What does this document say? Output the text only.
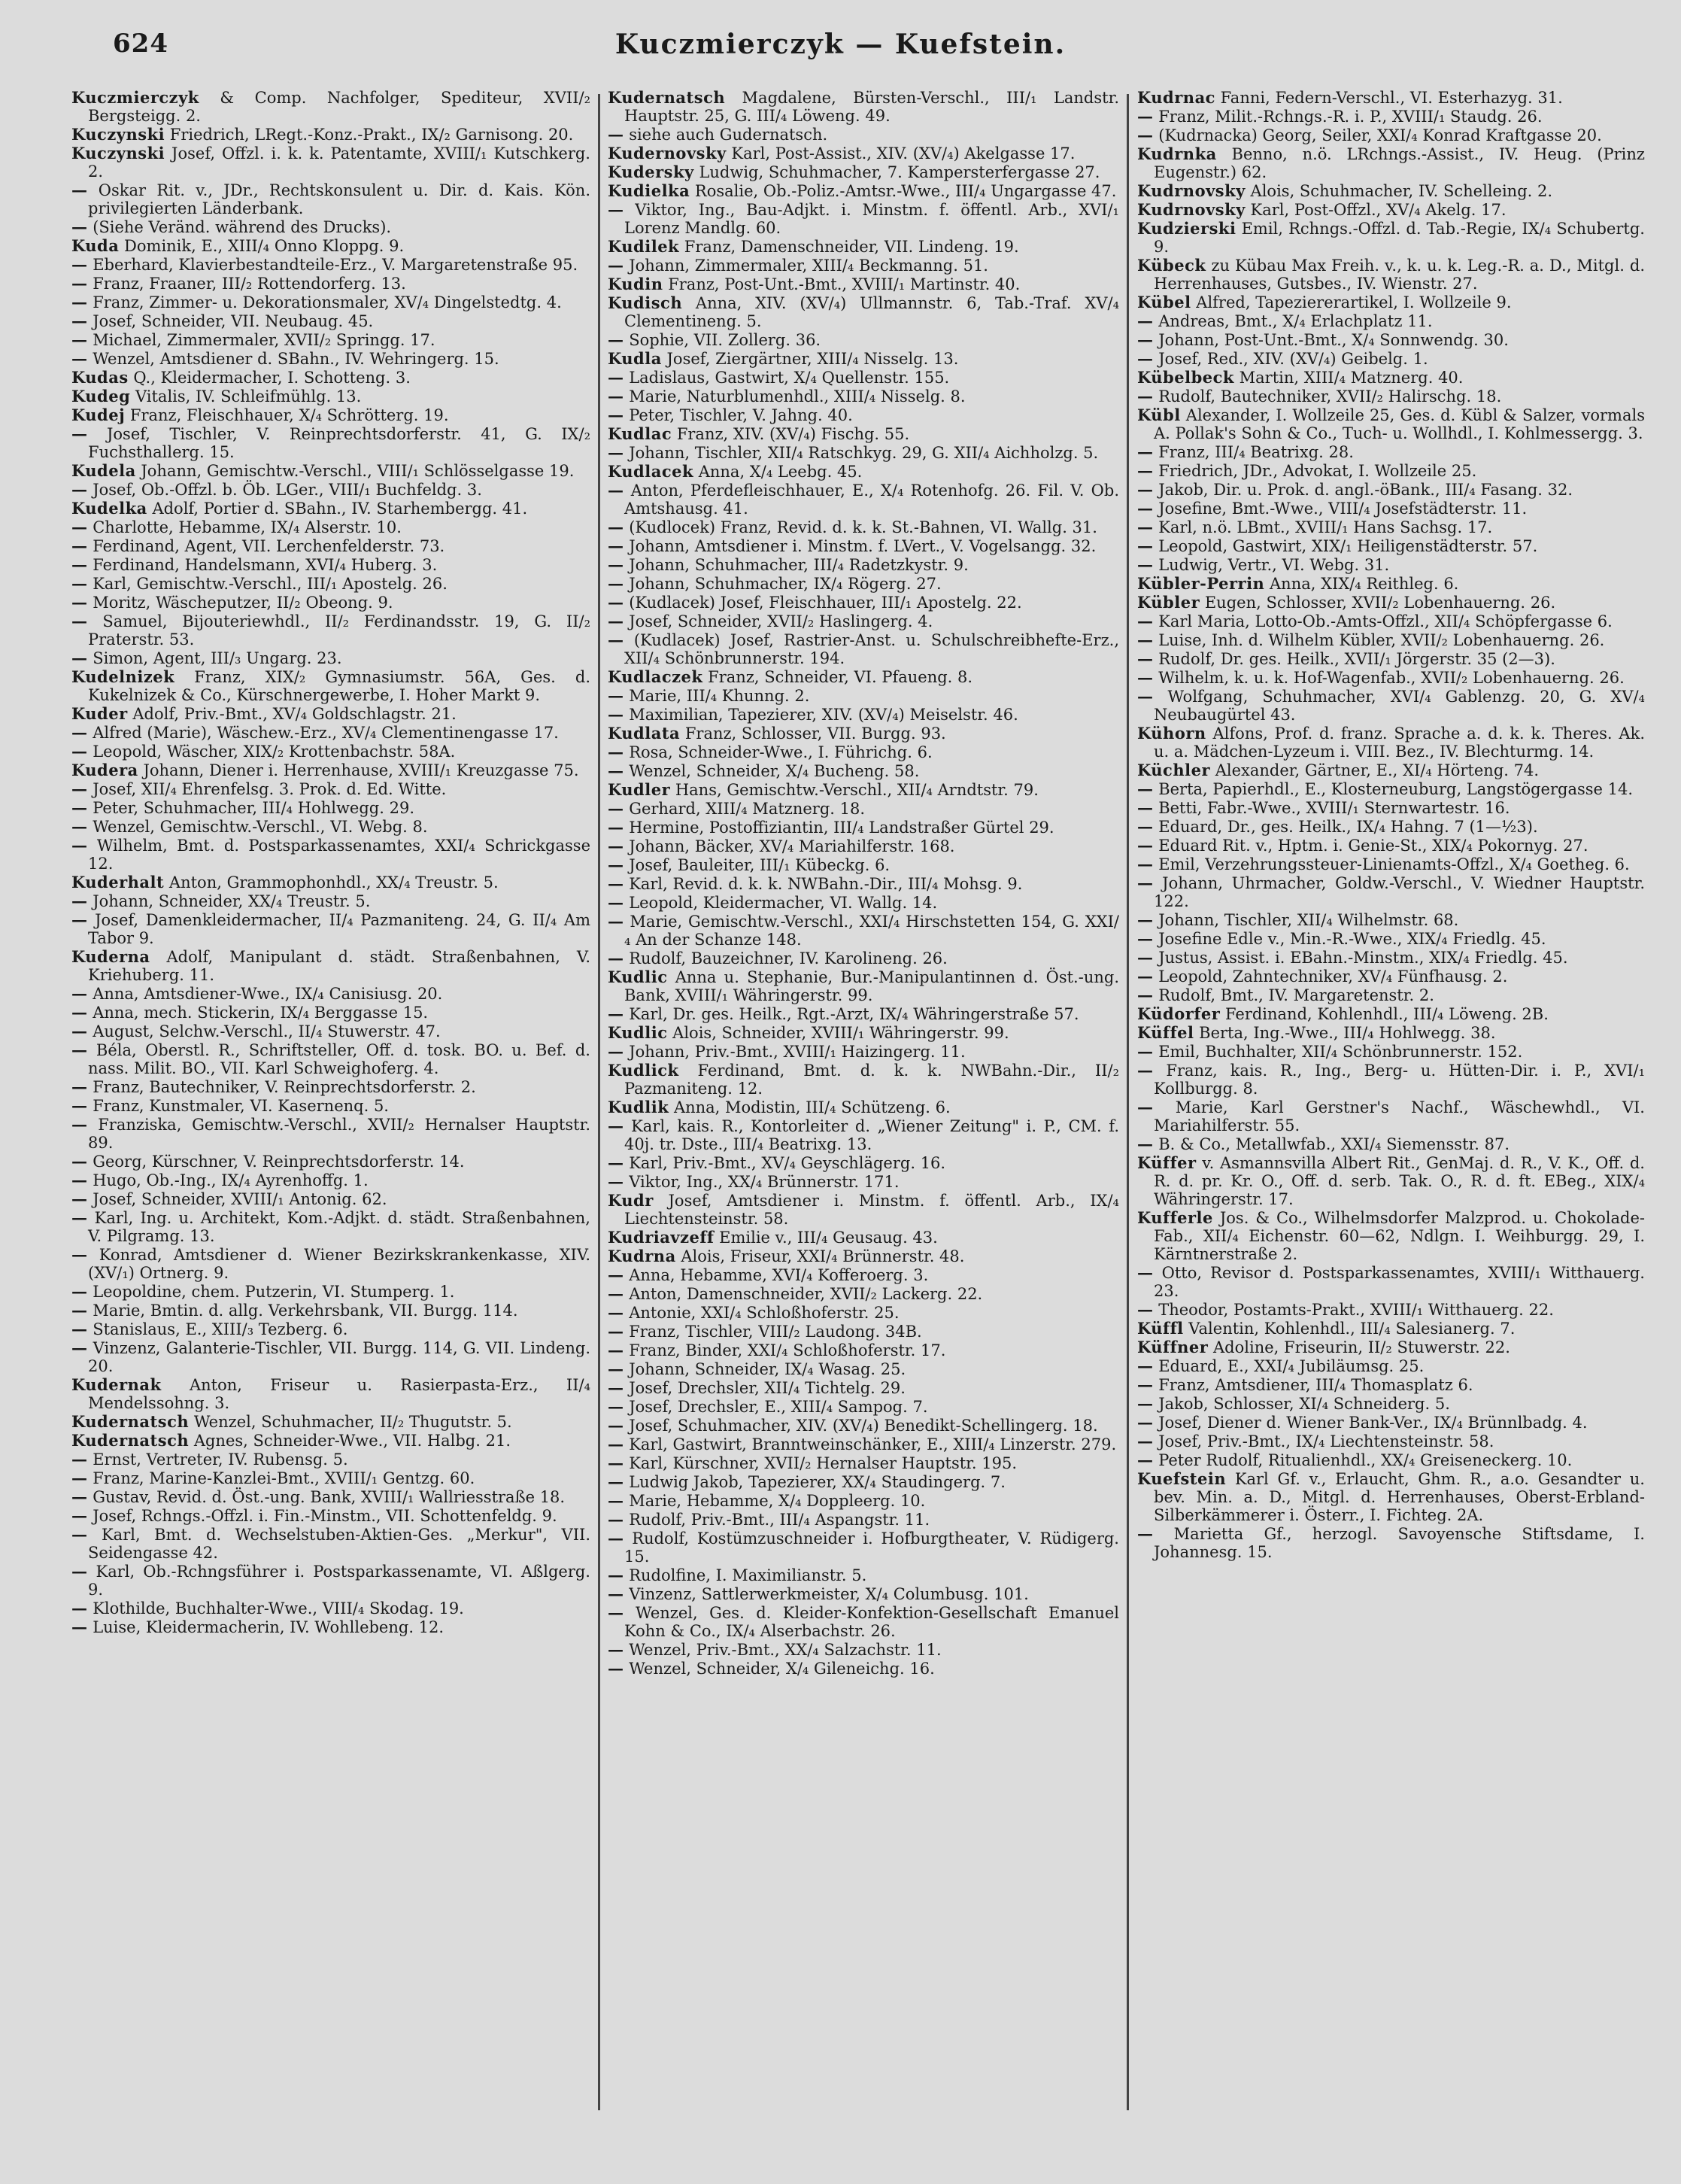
624	Kuczmierczyk — Kuefstein.
Kuczmierczyk & Comp. Nachfolger, Spediteur, XVII/₂ Bergsteigg. 2.
Kuczynski Friedrich, LRegt.-Konz.-Prakt., IX/₂ Garnisong. 20.
Kuczynski Josef, Offzl. i. k. k. Patentamte, XVIII/₁ Kutschkerg. 2.
— Oskar Rit. v., JDr., Rechtskonsulent u. Dir. d. Kais. Kön. privilegierten Länderbank.
— (Siehe Veränd. während des Drucks).
Kuda Dominik, E., XIII/₄ Onno Kloppg. 9.
— Eberhard, Klavierbestandteile-Erz., V. Margaretenstraße 95.
— Franz, Fraaner, III/₂ Rottendorferg. 13.
— Franz, Zimmer- u. Dekorationsmaler, XV/₄ Dingelstedtg. 4.
— Josef, Schneider, VII. Neubaug. 45.
— Michael, Zimmermaler, XVII/₂ Springg. 17.
— Wenzel, Amtsdiener d. SBahn., IV. Wehringerg. 15.
Kudas Q., Kleidermacher, I. Schotteng. 3.
Kudeg Vitalis, IV. Schleifmühlg. 13.
Kudej Franz, Fleischhauer, X/₄ Schrötterg. 19.
— Josef, Tischler, V. Reinprechtsdorferstr. 41, G. IX/₂ Fuchsthallerg. 15.
Kudela Johann, Gemischtw.-Verschl., VIII/₁ Schlösselgasse 19.
— Josef, Ob.-Offzl. b. Öb. LGer., VIII/₁ Buchfeldg. 3.
Kudelka Adolf, Portier d. SBahn., IV. Starhembergg. 41.
— Charlotte, Hebamme, IX/₄ Alserstr. 10.
— Ferdinand, Agent, VII. Lerchenfelderstr. 73.
— Ferdinand, Handelsmann, XVI/₄ Huberg. 3.
— Karl, Gemischtw.-Verschl., III/₁ Apostelg. 26.
— Moritz, Wäscheputzer, II/₂ Obeong. 9.
— Samuel, Bijouteriewhdl., II/₂ Ferdinandsstr. 19, G. II/₂ Praterstr. 53.
— Simon, Agent, III/₃ Ungarg. 23.
Kudelnizek Franz, XIX/₂ Gymnasiumstr. 56A, Ges. d. Kukelnizek & Co., Kürschnergewerbe, I. Hoher Markt 9.
Kuder Adolf, Priv.-Bmt., XV/₄ Goldschlagstr. 21.
— Alfred (Marie), Wäschew.-Erz., XV/₄ Clementinengasse 17.
— Leopold, Wäscher, XIX/₂ Krottenbachstr. 58A.
Kudera Johann, Diener i. Herrenhause, XVIII/₁ Kreuzgasse 75.
— Josef, XII/₄ Ehrenfelsg. 3. Prok. d. Ed. Witte.
— Peter, Schuhmacher, III/₄ Hohlwegg. 29.
— Wenzel, Gemischtw.-Verschl., VI. Webg. 8.
— Wilhelm, Bmt. d. Postsparkassenamtes, XXI/₄ Schrickgasse 12.
Kuderhalt Anton, Grammophonhdl., XX/₄ Treustr. 5.
— Johann, Schneider, XX/₄ Treustr. 5.
— Josef, Damenkleidermacher, II/₄ Pazmaniteng. 24, G. II/₄ Am Tabor 9.
Kuderna Adolf, Manipulant d. städt. Straßenbahnen, V. Kriehuberg. 11.
— Anna, Amtsdiener-Wwe., IX/₄ Canisiusg. 20.
— Anna, mech. Stickerin, IX/₄ Berggasse 15.
— August, Selchw.-Verschl., II/₄ Stuwerstr. 47.
— Béla, Oberstl. R., Schriftsteller, Off. d. tosk. BO. u. Bef. d. nass. Milit. BO., VII. Karl Schweighoferg. 4.
— Franz, Bautechniker, V. Reinprechtsdorferstr. 2.
— Franz, Kunstmaler, VI. Kasernenq. 5.
— Franziska, Gemischtw.-Verschl., XVII/₂ Hernalser Hauptstr. 89.
— Georg, Kürschner, V. Reinprechtsdorferstr. 14.
— Hugo, Ob.-Ing., IX/₄ Ayrenhoffg. 1.
— Josef, Schneider, XVIII/₁ Antonig. 62.
— Karl, Ing. u. Architekt, Kom.-Adjkt. d. städt. Straßenbahnen, V. Pilgramg. 13.
— Konrad, Amtsdiener d. Wiener Bezirkskrankenkasse, XIV. (XV/₁) Ortnerg. 9.
— Leopoldine, chem. Putzerin, VI. Stumperg. 1.
— Marie, Bmtin. d. allg. Verkehrsbank, VII. Burgg. 114.
— Stanislaus, E., XIII/₃ Tezberg. 6.
— Vinzenz, Galanterie-Tischler, VII. Burgg. 114, G. VII. Lindeng. 20.
Kudernak Anton, Friseur u. Rasierpasta-Erz., II/₄ Mendelssohng. 3.
Kudernatsch Wenzel, Schuhmacher, II/₂ Thugutstr. 5.
Kudernatsch Agnes, Schneider-Wwe., VII. Halbg. 21.
— Ernst, Vertreter, IV. Rubensg. 5.
— Franz, Marine-Kanzlei-Bmt., XVIII/₁ Gentzg. 60.
— Gustav, Revid. d. Öst.-ung. Bank, XVIII/₁ Wallriesstraße 18.
— Josef, Rchngs.-Offzl. i. Fin.-Minstm., VII. Schottenfeldg. 9.
— Karl, Bmt. d. Wechselstuben-Aktien-Ges. „Merkur", VII. Seidengasse 42.
— Karl, Ob.-Rchngsführer i. Postsparkassenamte, VI. Aßlgerg. 9.
— Klothilde, Buchhalter-Wwe., VIII/₄ Skodag. 19.
— Luise, Kleidermacherin, IV. Wohllebeng. 12.
Kudernatsch Magdalene, Bürsten-Verschl., III/₁ Landstr. Hauptstr. 25, G. III/₄ Löweng. 49.
— siehe auch Gudernatsch.
Kudernovsky Karl, Post-Assist., XIV. (XV/₄) Akelgasse 17.
Kudersky Ludwig, Schuhmacher, 7. Kampersterfergasse 27.
Kudielka Rosalie, Ob.-Poliz.-Amtsr.-Wwe., III/₄ Ungargasse 47.
— Viktor, Ing., Bau-Adjkt. i. Minstm. f. öffentl. Arb., XVI/₁ Lorenz Mandlg. 60.
Kudilek Franz, Damenschneider, VII. Lindeng. 19.
— Johann, Zimmermaler, XIII/₄ Beckmanng. 51.
Kudin Franz, Post-Unt.-Bmt., XVIII/₁ Martinstr. 40.
Kudisch Anna, XIV. (XV/₄) Ullmannstr. 6, Tab.-Traf. XV/₄ Clementineng. 5.
— Sophie, VII. Zollerg. 36.
Kudla Josef, Ziergärtner, XIII/₄ Nisselg. 13.
— Ladislaus, Gastwirt, X/₄ Quellenstr. 155.
— Marie, Naturblumenhdl., XIII/₄ Nisselg. 8.
— Peter, Tischler, V. Jahng. 40.
Kudlac Franz, XIV. (XV/₄) Fischg. 55.
— Johann, Tischler, XII/₄ Ratschkyg. 29, G. XII/₄ Aichholzg. 5.
Kudlacek Anna, X/₄ Leebg. 45.
— Anton, Pferdefleischhauer, E., X/₄ Rotenhofg. 26. Fil. V. Ob. Amtshausg. 41.
— (Kudlocek) Franz, Revid. d. k. k. St.-Bahnen, VI. Wallg. 31.
— Johann, Amtsdiener i. Minstm. f. LVert., V. Vogelsangg. 32.
— Johann, Schuhmacher, III/₄ Radetzkystr. 9.
— Johann, Schuhmacher, IX/₄ Rögerg. 27.
— (Kudlacek) Josef, Fleischhauer, III/₁ Apostelg. 22.
— Josef, Schneider, XVII/₂ Haslingerg. 4.
— (Kudlacek) Josef, Rastrier-Anst. u. Schulschreibhefte-Erz., XII/₄ Schönbrunnerstr. 194.
Kudlaczek Franz, Schneider, VI. Pfaueng. 8.
— Marie, III/₄ Khunng. 2.
— Maximilian, Tapezierer, XIV. (XV/₄) Meiselstr. 46.
Kudlata Franz, Schlosser, VII. Burgg. 93.
— Rosa, Schneider-Wwe., I. Führichg. 6.
— Wenzel, Schneider, X/₄ Bucheng. 58.
Kudler Hans, Gemischtw.-Verschl., XII/₄ Arndtstr. 79.
— Gerhard, XIII/₄ Matznerg. 18.
— Hermine, Postoffiziantin, III/₄ Landstraßer Gürtel 29.
— Johann, Bäcker, XV/₄ Mariahilferstr. 168.
— Josef, Bauleiter, III/₁ Kübeckg. 6.
— Karl, Revid. d. k. k. NWBahn.-Dir., III/₄ Mohsg. 9.
— Leopold, Kleidermacher, VI. Wallg. 14.
— Marie, Gemischtw.-Verschl., XXI/₄ Hirschstetten 154, G. XXI/₄ An der Schanze 148.
— Rudolf, Bauzeichner, IV. Karolineng. 26.
Kudlic Anna u. Stephanie, Bur.-Manipulantinnen d. Öst.-ung. Bank, XVIII/₁ Währingerstr. 99.
— Karl, Dr. ges. Heilk., Rgt.-Arzt, IX/₄ Währingerstraße 57.
Kudlic Alois, Schneider, XVIII/₁ Währingerstr. 99.
— Johann, Priv.-Bmt., XVIII/₁ Haizingerg. 11.
Kudlick Ferdinand, Bmt. d. k. k. NWBahn.-Dir., II/₂ Pazmaniteng. 12.
Kudlik Anna, Modistin, III/₄ Schützeng. 6.
— Karl, kais. R., Kontorleiter d. „Wiener Zeitung" i. P., CM. f. 40j. tr. Dste., III/₄ Beatrixg. 13.
— Karl, Priv.-Bmt., XV/₄ Geyschlägerg. 16.
— Viktor, Ing., XX/₄ Brünnerstr. 171.
Kudr Josef, Amtsdiener i. Minstm. f. öffentl. Arb., IX/₄ Liechtensteinstr. 58.
Kudriavzeff Emilie v., III/₄ Geusaug. 43.
Kudrna Alois, Friseur, XXI/₄ Brünnerstr. 48.
— Anna, Hebamme, XVI/₄ Kofferoerg. 3.
— Anton, Damenschneider, XVII/₂ Lackerg. 22.
— Antonie, XXI/₄ Schloßhoferstr. 25.
— Franz, Tischler, VIII/₂ Laudong. 34B.
— Franz, Binder, XXI/₄ Schloßhoferstr. 17.
— Johann, Schneider, IX/₄ Wasag. 25.
— Josef, Drechsler, XII/₄ Tichtelg. 29.
— Josef, Drechsler, E., XIII/₄ Sampog. 7.
— Josef, Schuhmacher, XIV. (XV/₄) Benedikt-Schellingerg. 18.
— Karl, Gastwirt, Branntweinschänker, E., XIII/₄ Linzerstr. 279.
— Karl, Kürschner, XVII/₂ Hernalser Hauptstr. 195.
— Ludwig Jakob, Tapezierer, XX/₄ Staudingerg. 7.
— Marie, Hebamme, X/₄ Doppleerg. 10.
— Rudolf, Priv.-Bmt., III/₄ Aspangstr. 11.
— Rudolf, Kostümzuschneider i. Hofburgtheater, V. Rüdigerg. 15.
— Rudolfine, I. Maximilianstr. 5.
— Vinzenz, Sattlerwerkmeister, X/₄ Columbusg. 101.
— Wenzel, Ges. d. Kleider-Konfektion-Gesellschaft Emanuel Kohn & Co., IX/₄ Alserbachstr. 26.
— Wenzel, Priv.-Bmt., XX/₄ Salzachstr. 11.
— Wenzel, Schneider, X/₄ Gileneichg. 16.
Kudrnac Fanni, Federn-Verschl., VI. Esterhazyg. 31.
— Franz, Milit.-Rchngs.-R. i. P., XVIII/₁ Staudg. 26.
— (Kudrnacka) Georg, Seiler, XXI/₄ Konrad Kraftgasse 20.
Kudrnka Benno, n.ö. LRchngs.-Assist., IV. Heug. (Prinz Eugenstr.) 62.
Kudrnovsky Alois, Schuhmacher, IV. Schelleing. 2.
Kudrnovsky Karl, Post-Offzl., XV/₄ Akelg. 17.
Kudzierski Emil, Rchngs.-Offzl. d. Tab.-Regie, IX/₄ Schubertg. 9.
Kübeck zu Kübau Max Freih. v., k. u. k. Leg.-R. a. D., Mitgl. d. Herrenhauses, Gutsbes., IV. Wienstr. 27.
Kübel Alfred, Tapeziererartikel, I. Wollzeile 9.
— Andreas, Bmt., X/₄ Erlachplatz 11.
— Johann, Post-Unt.-Bmt., X/₄ Sonnwendg. 30.
— Josef, Red., XIV. (XV/₄) Geibelg. 1.
Kübelbeck Martin, XIII/₄ Matznerg. 40.
— Rudolf, Bautechniker, XVII/₂ Halirschg. 18.
Kübl Alexander, I. Wollzeile 25, Ges. d. Kübl & Salzer, vormals A. Pollak's Sohn & Co., Tuch- u. Wollhdl., I. Kohlmessergg. 3.
— Franz, III/₄ Beatrixg. 28.
— Friedrich, JDr., Advokat, I. Wollzeile 25.
— Jakob, Dir. u. Prok. d. angl.-öBank., III/₄ Fasang. 32.
— Josefine, Bmt.-Wwe., VIII/₄ Josefstädterstr. 11.
— Karl, n.ö. LBmt., XVIII/₁ Hans Sachsg. 17.
— Leopold, Gastwirt, XIX/₁ Heiligenstädterstr. 57.
— Ludwig, Vertr., VI. Webg. 31.
Kübler-Perrin Anna, XIX/₄ Reithleg. 6.
Kübler Eugen, Schlosser, XVII/₂ Lobenhauerng. 26.
— Karl Maria, Lotto-Ob.-Amts-Offzl., XII/₄ Schöpfergasse 6.
— Luise, Inh. d. Wilhelm Kübler, XVII/₂ Lobenhauerng. 26.
— Rudolf, Dr. ges. Heilk., XVII/₁ Jörgerstr. 35 (2—3).
— Wilhelm, k. u. k. Hof-Wagenfab., XVII/₂ Lobenhauerng. 26.
— Wolfgang, Schuhmacher, XVI/₄ Gablenzg. 20, G. XV/₄ Neubaugürtel 43.
Kühorn Alfons, Prof. d. franz. Sprache a. d. k. k. Theres. Ak. u. a. Mädchen-Lyzeum i. VIII. Bez., IV. Blechturmg. 14.
Küchler Alexander, Gärtner, E., XI/₄ Hörteng. 74.
— Berta, Papierhdl., E., Klosterneuburg, Langstögergasse 14.
— Betti, Fabr.-Wwe., XVIII/₁ Sternwartestr. 16.
— Eduard, Dr., ges. Heilk., IX/₄ Hahng. 7 (1—½3).
— Eduard Rit. v., Hptm. i. Genie-St., XIX/₄ Pokornyg. 27.
— Emil, Verzehrungssteuer-Linienamts-Offzl., X/₄ Goetheg. 6.
— Johann, Uhrmacher, Goldw.-Verschl., V. Wiedner Hauptstr. 122.
— Johann, Tischler, XII/₄ Wilhelmstr. 68.
— Josefine Edle v., Min.-R.-Wwe., XIX/₄ Friedlg. 45.
— Justus, Assist. i. EBahn.-Minstm., XIX/₄ Friedlg. 45.
— Leopold, Zahntechniker, XV/₄ Fünfhausg. 2.
— Rudolf, Bmt., IV. Margaretenstr. 2.
Küdorfer Ferdinand, Kohlenhdl., III/₄ Löweng. 2B.
Küffel Berta, Ing.-Wwe., III/₄ Hohlwegg. 38.
— Emil, Buchhalter, XII/₄ Schönbrunnerstr. 152.
— Franz, kais. R., Ing., Berg- u. Hütten-Dir. i. P., XVI/₁ Kollburgg. 8.
— Marie, Karl Gerstner's Nachf., Wäschewhdl., VI. Mariahilferstr. 55.
— B. & Co., Metallwfab., XXI/₄ Siemensstr. 87.
Küffer v. Asmannsvilla Albert Rit., GenMaj. d. R., V. K., Off. d. R. d. pr. Kr. O., Off. d. serb. Tak. O., R. d. ft. EBeg., XIX/₄ Währingerstr. 17.
Kufferle Jos. & Co., Wilhelmsdorfer Malzprod. u. Chokolade-Fab., XII/₄ Eichenstr. 60—62, Ndlgn. I. Weihburgg. 29, I. Kärntnerstraße 2.
— Otto, Revisor d. Postsparkassenamtes, XVIII/₁ Witthauerg. 23.
— Theodor, Postamts-Prakt., XVIII/₁ Witthauerg. 22.
Küffl Valentin, Kohlenhdl., III/₄ Salesianerg. 7.
Küffner Adoline, Friseurin, II/₂ Stuwerstr. 22.
— Eduard, E., XXI/₄ Jubiläumsg. 25.
— Franz, Amtsdiener, III/₄ Thomasplatz 6.
— Jakob, Schlosser, XI/₄ Schneiderg. 5.
— Josef, Diener d. Wiener Bank-Ver., IX/₄ Brünnlbadg. 4.
— Josef, Priv.-Bmt., IX/₄ Liechtensteinstr. 58.
— Peter Rudolf, Ritualienhdl., XX/₄ Greiseneckerg. 10.
Kuefstein Karl Gf. v., Erlaucht, Ghm. R., a.o. Gesandter u. bev. Min. a. D., Mitgl. d. Herrenhauses, Oberst-Erbland-Silberkämmerer i. Österr., I. Fichteg. 2A.
— Marietta Gf., herzogl. Savoyensche Stiftsdame, I. Johannesg. 15.
